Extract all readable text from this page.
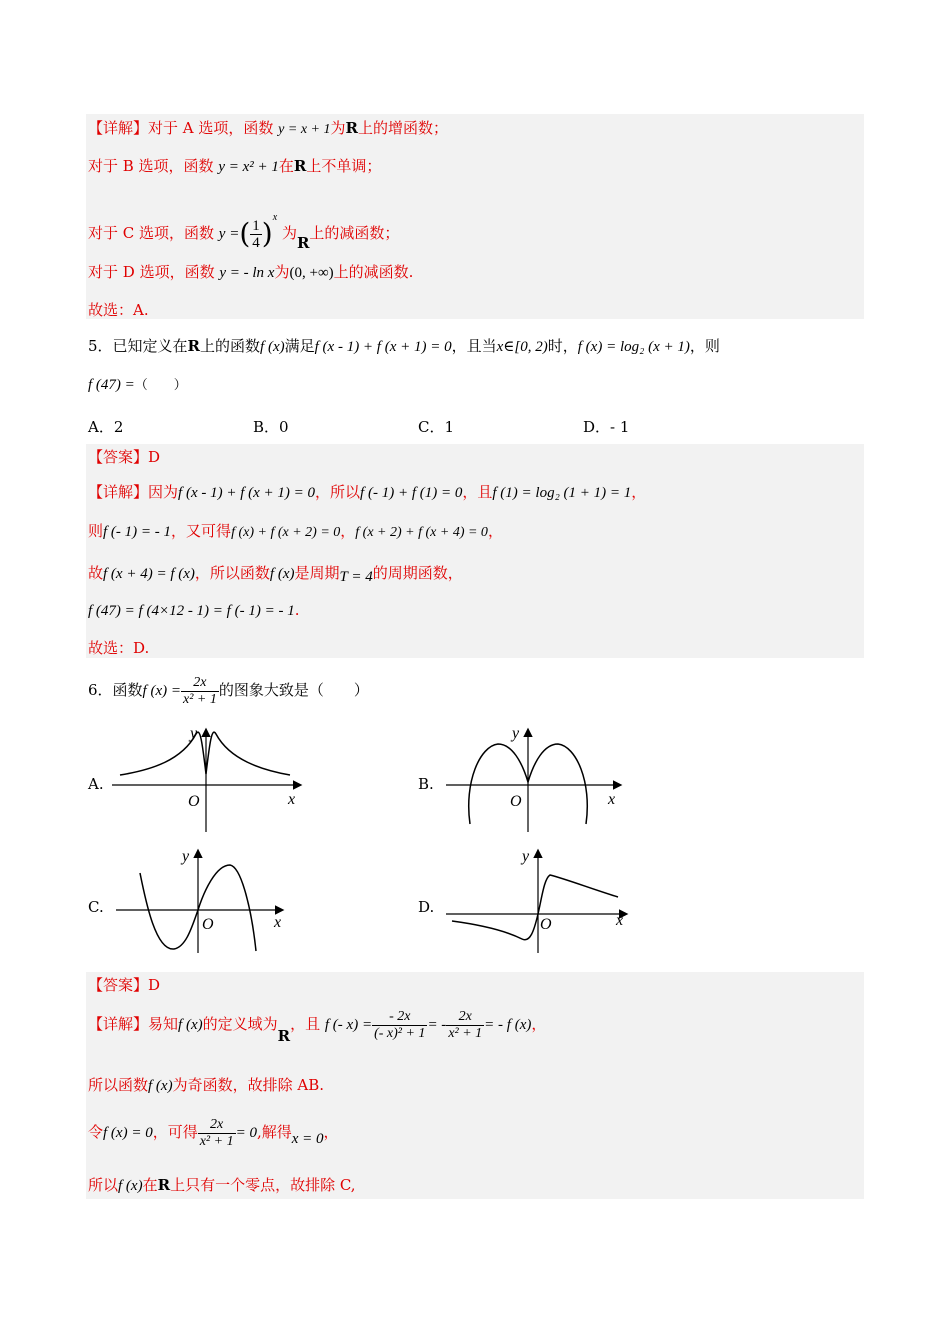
【详解】对于 A 选项，函数 y = x + 1为R上的增函数；
对于 B 选项，函数 y = x² + 1在R上不单调；
对于 C 选项，函数 y =( $\frac{1}{4} )^x$ 为R上的减函数；
对于 D 选项，函数 y = - ln x为(0, +∞)上的减函数.
故选：A.
5．已知定义在R上的函数f (x)满足f (x - 1) + f (x + 1) = 0，且当x∈[0, 2)时，f (x) = log₂ (x + 1)，则
f (47) =（　　）
A．2	B．0	C．1	D．- 1
【答案】D
【详解】因为f (x - 1) + f (x + 1) = 0，所以f (- 1) + f (1) = 0，且f (1) = log₂ (1 + 1) = 1，
则f (- 1) = - 1，又可得f (x) + f (x + 2) = 0，f (x + 2) + f (x + 4) = 0，
故f (x + 4) = f (x)，所以函数f (x)是周期T = 4的周期函数，
f (47) = f (4×12 - 1) = f (- 1) = - 1.
故选：D.
6．函数f $(x) = \frac{2x}{\text{x² + 1}}$ 的图象大致是（　　）
A.	B.
C.	D.
y
x
O
y
x
O
y
x
O
y
x
O
【答案】D
【详解】易知f (x)的定义域为R，且 f (- $x) = \frac{- 2x}{\text{(- x)² + 1}}$ = - $\frac{2x}{\text{x² + 1}}$ = - f (x)，
所以函数f (x)为奇函数，故排除 AB.
令f (x) = 0，可得 $\frac{2x}{\text{x² + 1}} = 0$,解得x = 0，
所以f (x)在R上只有一个零点，故排除 C,
